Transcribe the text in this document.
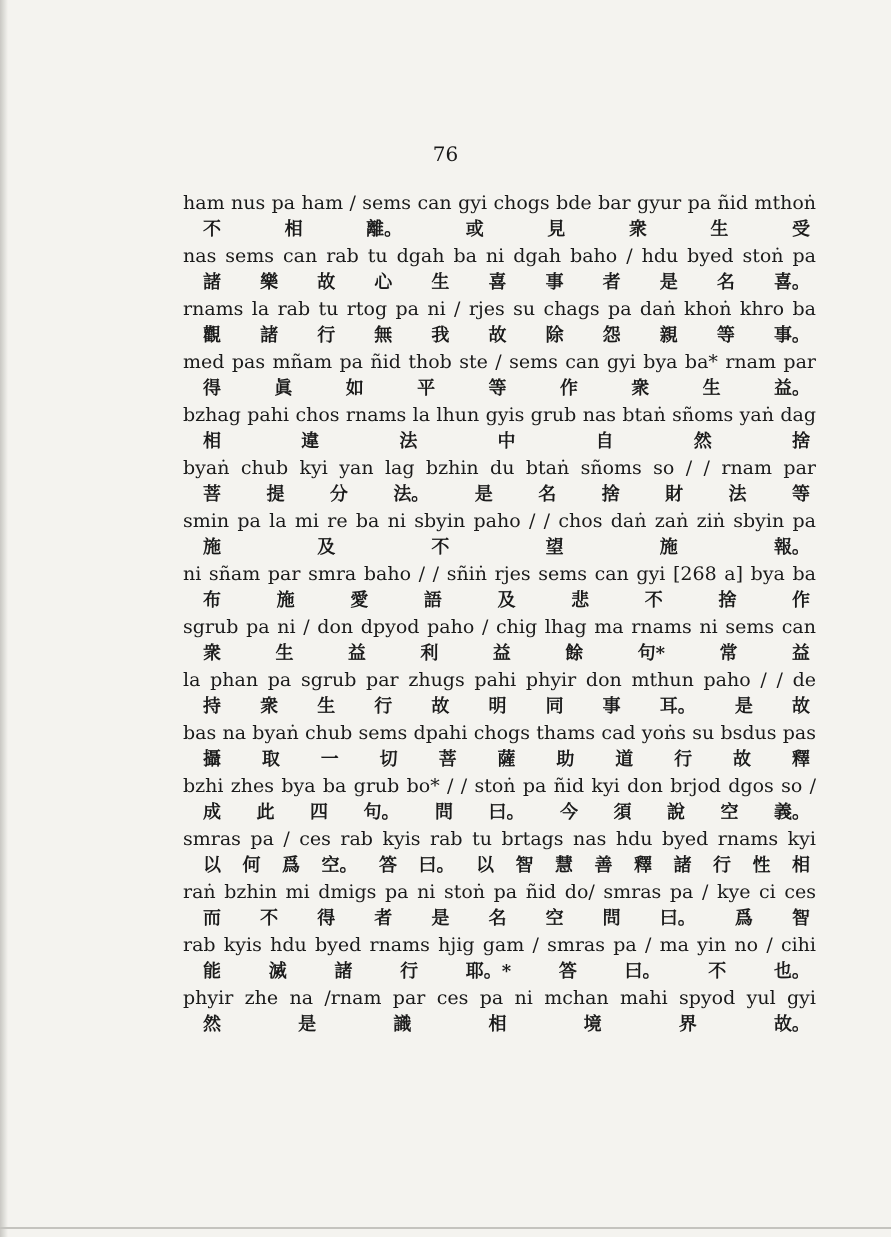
76
ham nus pa ham / sems can gyi chogs bde bar gyur pa ñid mthoṅ
不	相	離。	或	見	衆	生	受
nas sems can rab tu dgah ba ni dgah baho / hdu byed stoṅ pa
諸 樂 故 心 生 喜 事 者 是 名 喜。
rnams la rab tu rtog pa ni / rjes su chags pa daṅ khoṅ khro ba
觀 諸 行 無 我 故 除 怨 親 等 事。
med pas mñam pa ñid thob ste / sems can gyi bya ba* rnam par
得	眞	如	平	等	作	衆	生	益。
bzhag pahi chos rnams la lhun gyis grub nas btaṅ sñoms yaṅ dag
相	違	法	中	自	然	捨
byaṅ chub kyi yan lag bzhin du btaṅ sñoms so / / rnam par
菩	提	分	法。	是	名	捨	財	法	等
smin pa la mi re ba ni sbyin paho / / chos daṅ zaṅ ziṅ sbyin pa
施	及	不	望	施	報。
ni sñam par smra baho / / sñiṅ rjes sems can gyi [268 a] bya ba
布	施	愛	語	及	悲	不	捨	作
sgrub pa ni / don dpyod paho / chig lhag ma rnams ni sems can
衆	生	益	利	益	餘	句*	常	益
la phan pa sgrub par zhugs pahi phyir don mthun paho / / de
持 衆 生 行 故 明 同 事 耳。 是 故
bas na byaṅ chub sems dpahi chogs thams cad yoṅs su bsdus pas
攝 取 一 切 菩 薩 助 道 行 故 釋
bzhi zhes bya ba grub bo* / / stoṅ pa ñid kyi don brjod dgos so /
成 此 四 句。 問 曰。 今 須 說 空 義。
smras pa / ces rab kyis rab tu brtags nas hdu byed rnams kyi
以 何 爲 空。 答 曰。 以 智 慧 善 釋 諸 行 性 相
raṅ bzhin mi dmigs pa ni stoṅ pa ñid do/ smras pa / kye ci ces
而 不 得 者 是 名 空 問 曰。 爲 智
rab kyis hdu byed rnams hjig gam / smras pa / ma yin no / cihi
能	滅	諸	行	耶。*	答	曰。	不	也。
phyir zhe na /rnam par ces pa ni mchan mahi spyod yul gyi
然	是	識	相	境	界	故。
